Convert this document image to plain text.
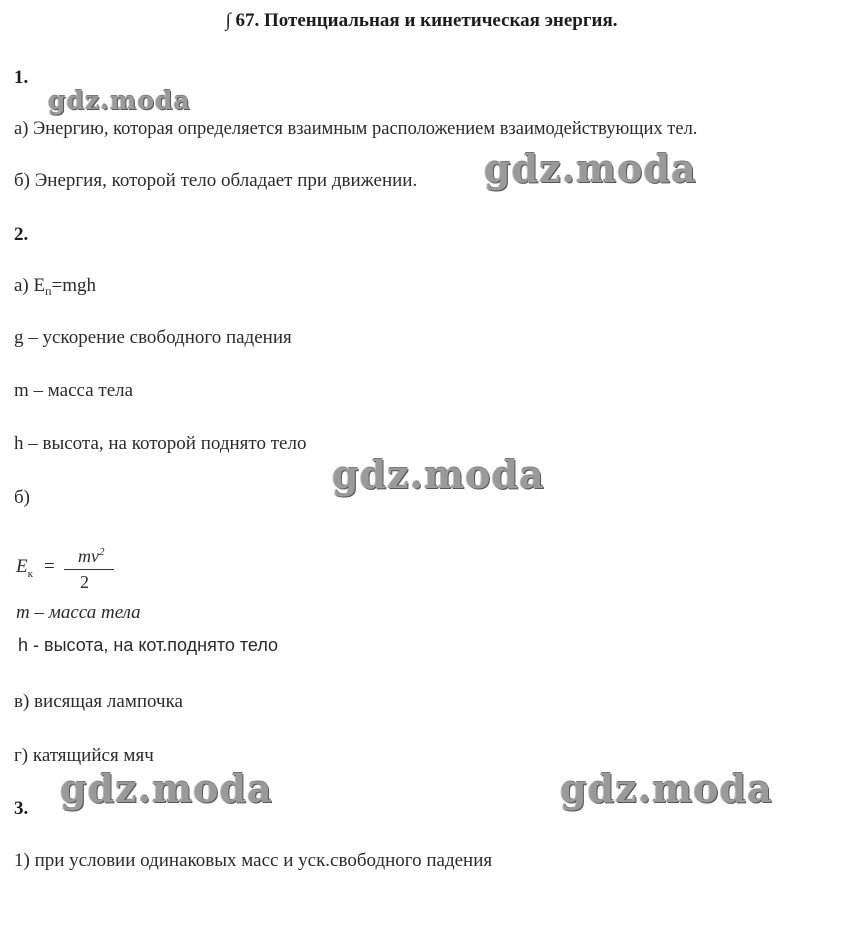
∫ 67. Потенциальная и кинетическая энергия.
1.
gdz.moda
а) Энергию, которая определяется взаимным расположением взаимодействующих тел.
б) Энергия, которой тело обладает при движении. gdz.moda
2.
а) $E_п=mgh$
g – ускорение свободного падения
m – масса тела
h – высота, на которой поднято тело
gdz.moda
б)
$E_к = mv^2$
2
m – масса тела
h - высота, на кот.поднято тело
в) висящая лампочка
г) катящийся мяч
gdz.moda	gdz.moda
3.
1) при условии одинаковых масс и уск.свободного падения
